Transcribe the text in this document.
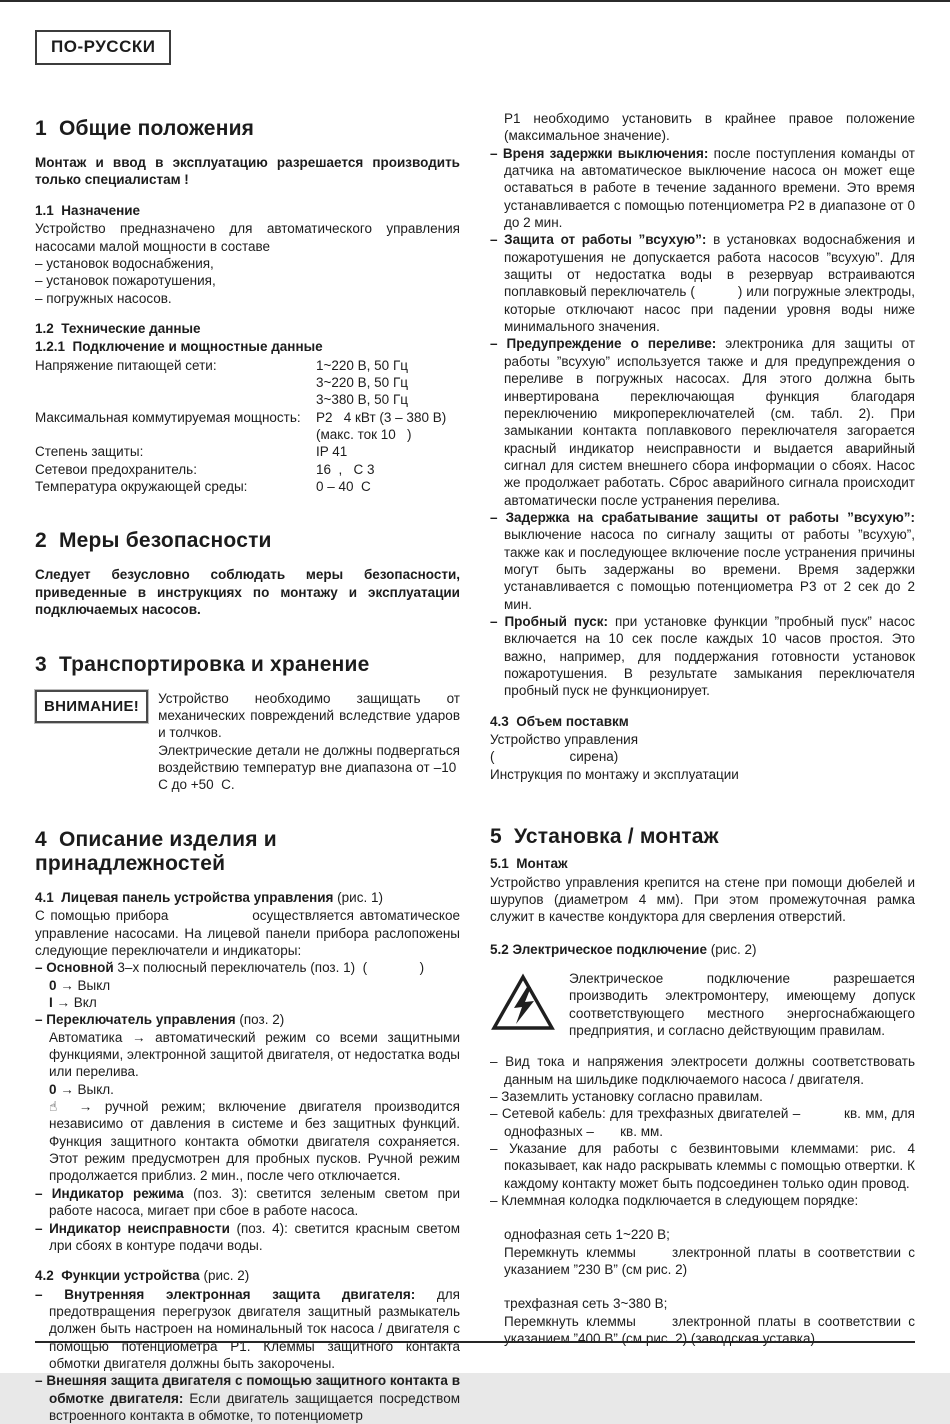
ПО-РУССКИ
1  Общие положения

Монтаж и ввод в эксплуатацию разрешается производить только специалистам !

1.1  Назначение

Устройство предназначено для автоматического управления насосами малой мощности в составе

– установок водоснабжения,

– установок пожаротушения,

– погружных насосов.

1.2  Технические данные
1.2.1  Подключение и мощностные данные
Напряжение питающей сети:	1~220 В, 50 Гц
3~220 В, 50 Гц
3~380 В, 50 Гц
Максимальная коммутируемая мощность:	P2   4 кВт (3 – 380 В)
(макс. ток 10   )
Степень защиты:	IP 41
Сетевои предохранитель:	16  ,   С 3
Температура окружающей среды:	0 – 40  С
2  Меры безопасности

Следует безусловно соблюдать меры безопасности, приведенные в инструкциях по монтажу и эксплуатации подключаемых насосов.

3  Транспортировка и хранение
ВНИМАНИЕ!	Устройство необходимо защищать от механических повреждений вследствие ударов и толчков.

Электрические детали не должны подвергаться воздействию температур вне диапазона от –10  С до +50  С.

4  Описание изделия и принадлежностей
4.1  Лицевая панель устройства управления (рис. 1)

С помощью прибора               осуществляется автоматическое управление насосами. На лицевой панели прибора раслопожены следующие переключатели и индикаторы:

– Основной 3–х полюсный переключатель (поз. 1)  (              )
0 → Выкл
I → Вкл
– Переключатель управления (поз. 2)

Автоматика → автоматический режим со всеми защитными функциями, электронной защитой двигателя, от недостатка воды или перелива.

0 → Выкл.
☝ → ручной режим; включение двигателя производится независимо от давления в системе и без защитных функций. Функция защитного контакта обмотки двигателя сохраняется. Этот режим предусмотрен для пробных пусков. Ручной режим продолжается приблиз. 2 мин., после чего отключается.
– Индикатор режима (поз. 3): светится зеленым светом при работе насоса, мигает при сбое в работе насоса.
– Индикатор неисправности (поз. 4): светится красным светом лри сбоях в контуре подачи воды.
4.2  Функции устройства (рис. 2)
– Внутренняя электронная защита двигателя: для предотвращения перегрузок двигателя защитный размыкатель должен быть настроен на номинальный ток насоса / двигателя с помощью потенциометра P1. Клеммы защитного контакта обмотки двигателя должны быть закорочены.
– Внешняя защита двигателя с помощью защитного контакта в обмотке двигателя: Если двигатель защищается посредством встроенного контакта в обмотке, то потенциометр

P1 необходимо установить в крайнее правое положение (максимальное значение).

– Вреня задержки выключения: после поступления команды от датчика на автоматическое выключение насоса он может еще оставаться в работе в течение заданного времени. Это время устанавливается с помощью потенциометра P2 в диапазоне от 0 до 2 мин.
– Защита от работы ”всухую”: в установках водоснабжения и пожаротушения не допускается работа насосов ”всухую”. Для защиты от недостатка воды в резервуар встраиваются поплавковый переключатель (           ) или погружные электроды, которые отключают насос при падении уровня воды ниже минимального значения.
– Предупреждение о переливе: электроника для защиты от работы ”всухую” используется также и для предупреждения о переливе в погружных насосах. Для этого должна быть инвертирована переключающая функция благодаря переключению микропереключателей (см. табл. 2). При замыкании контакта поплавкового переключателя загорается красный индикатор неисправности и выдается аварийный сигнал для систем внешнего сбора информации о сбоях. Насос же продолжает работать. Сброс аварийного сигнала происходит автоматически после устранения перелива.
– Задержка на срабатывание защиты от работы ”всухую”: выключение насоса по сигналу защиты от работы ”всухую”, также как и последующее включение после устранения причины могут быть задержаны во времени. Время задержки устанавливается с помощью потенциометра P3 от 2 сек до 2 мин.
– Пробный пуск: при установке функции ”пробный пуск” насос включается на 10 сек после каждых 10 часов простоя. Это важно, например, для поддержания готовности установок пожаротушения. В результате замыкания переключателя пробный пуск не функционирует.
4.3  Объем поставкм

Устройство управления

(                    сирена)

Инструкция по монтажу и эксплуатации

5  Установка / монтаж
5.1  Монтаж

Устройство управления крепится на стене при помощи дюбелей и шурупов (диаметром 4 мм). При этом промежуточная рамка служит в качестве кондуктора для сверления отверстий.

5.2 Электрическое подключение (рис. 2)

Электрическое подключение разрешается производить электромонтеру, имеющему допуск соответствующего местного энергоснабжающего предприятия, и согласно действующим правилам.

– Вид тока и напряжения электросети должны соответствовать данным на шильдике подключаемого насоса / двигателя.
– Заземлить установку согласно правилам.
– Сетевой кабель: для трехфазных двигателей –          кв. мм, для однофазных –       кв. мм.
– Указание для работы с безвинтовыми клеммами: рис. 4 показывает, как надо раскрывать клеммы с помощью отвертки. К каждому контакту может быть подсоединен только один провод.
– Клеммная колодка подключается в следующем порядке:

однофазная сеть 1~220 В;

Перемкнуть клеммы     злектронной платы в соответствии с указанием ”230 В” (см рис. 2)

трехфазная сеть 3~380 В;

Перемкнуть клеммы     злектронной платы в соответствии с указанием ”400 В” (см рис. 2) (заводская уставка)
